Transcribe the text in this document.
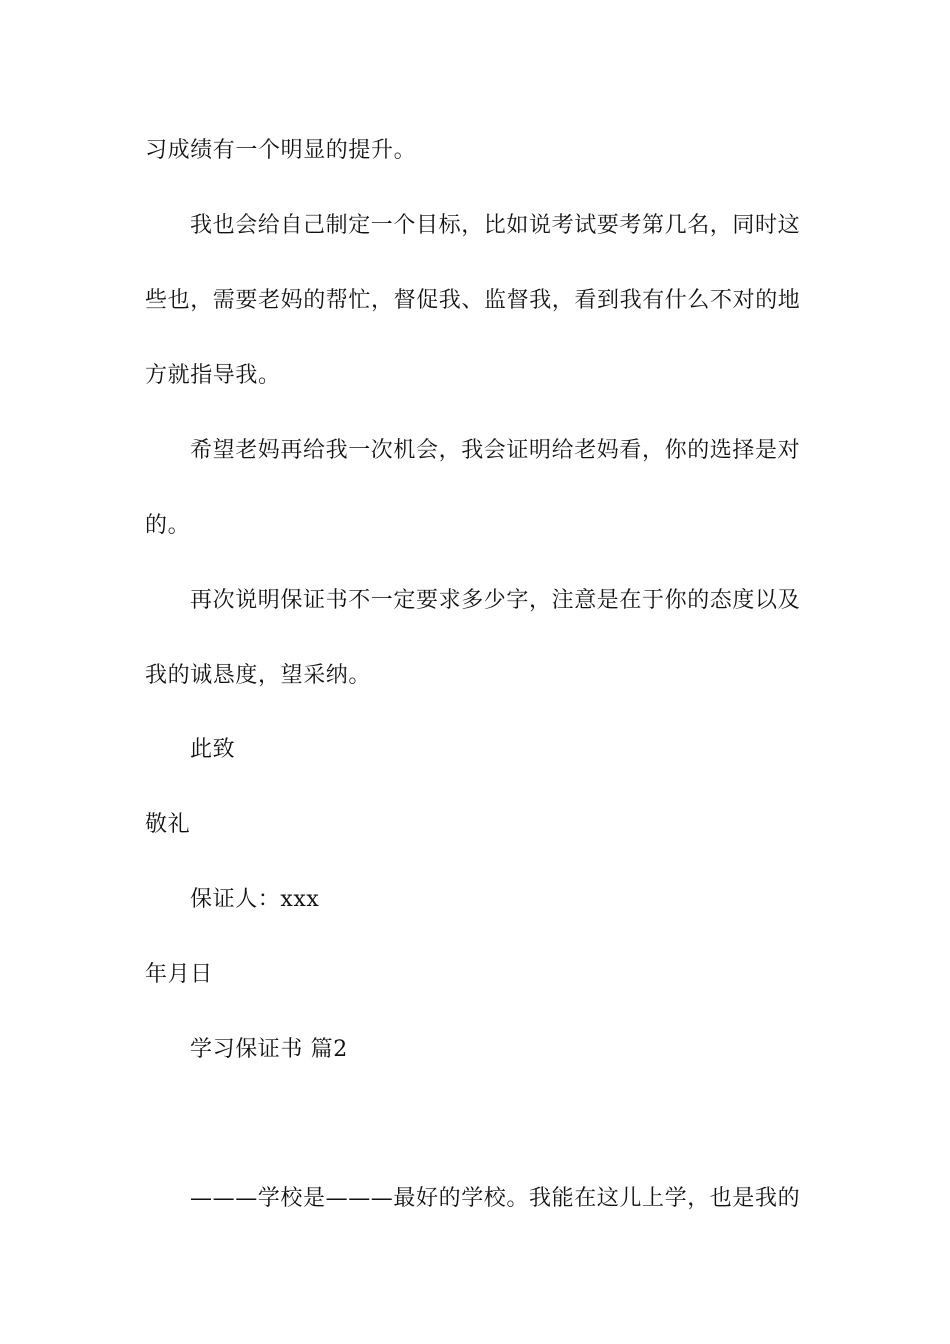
习成绩有一个明显的提升。
我也会给自己制定一个目标，比如说考试要考第几名，同时这
些也，需要老妈的帮忙，督促我、监督我，看到我有什么不对的地
方就指导我。
希望老妈再给我一次机会，我会证明给老妈看，你的选择是对
的。
再次说明保证书不一定要求多少字，注意是在于你的态度以及
我的诚恳度，望采纳。
此致
敬礼
保证人：xxx
年月日
学习保证书 篇2
———学校是———最好的学校。我能在这儿上学，也是我的
